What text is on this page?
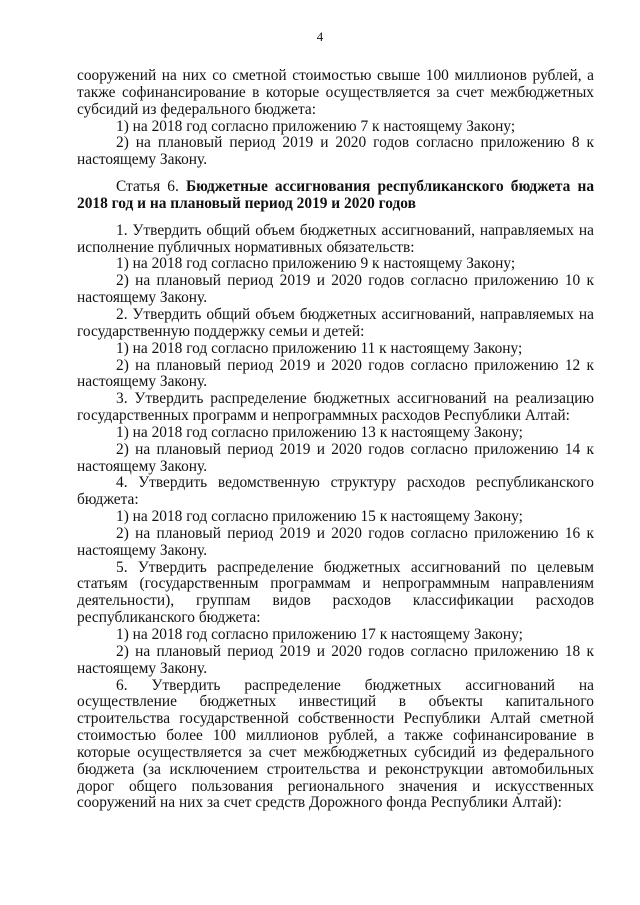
4

сооружений на них со сметной стоимостью свыше 100 миллионов рублей, а также софинансирование в которые осуществляется за счет межбюджетных субсидий из федерального бюджета:

1) на 2018 год согласно приложению 7 к настоящему Закону;

2) на плановый период 2019 и 2020 годов согласно приложению 8 к настоящему Закону.

Статья 6. Бюджетные ассигнования республиканского бюджета на 2018 год и на плановый период 2019 и 2020 годов

1. Утвердить общий объем бюджетных ассигнований, направляемых на исполнение публичных нормативных обязательств:

1) на 2018 год согласно приложению 9 к настоящему Закону;

2) на плановый период 2019 и 2020 годов согласно приложению 10 к настоящему Закону.

2. Утвердить общий объем бюджетных ассигнований, направляемых на государственную поддержку семьи и детей:

1) на 2018 год согласно приложению 11 к настоящему Закону;

2) на плановый период 2019 и 2020 годов согласно приложению 12 к настоящему Закону.

3. Утвердить распределение бюджетных ассигнований на реализацию государственных программ и непрограммных расходов Республики Алтай:

1) на 2018 год согласно приложению 13 к настоящему Закону;

2) на плановый период 2019 и 2020 годов согласно приложению 14 к настоящему Закону.

4. Утвердить ведомственную структуру расходов республиканского бюджета:

1) на 2018 год согласно приложению 15 к настоящему Закону;

2) на плановый период 2019 и 2020 годов согласно приложению 16 к настоящему Закону.

5. Утвердить распределение бюджетных ассигнований по целевым статьям (государственным программам и непрограммным направлениям деятельности), группам видов расходов классификации расходов республиканского бюджета:

1) на 2018 год согласно приложению 17 к настоящему Закону;

2) на плановый период 2019 и 2020 годов согласно приложению 18 к настоящему Закону.

6. Утвердить распределение бюджетных ассигнований на осуществление бюджетных инвестиций в объекты капитального строительства государственной собственности Республики Алтай сметной стоимостью более 100 миллионов рублей, а также софинансирование в которые осуществляется за счет межбюджетных субсидий из федерального бюджета (за исключением строительства и реконструкции автомобильных дорог общего пользования регионального значения и искусственных сооружений на них за счет средств Дорожного фонда Республики Алтай):
